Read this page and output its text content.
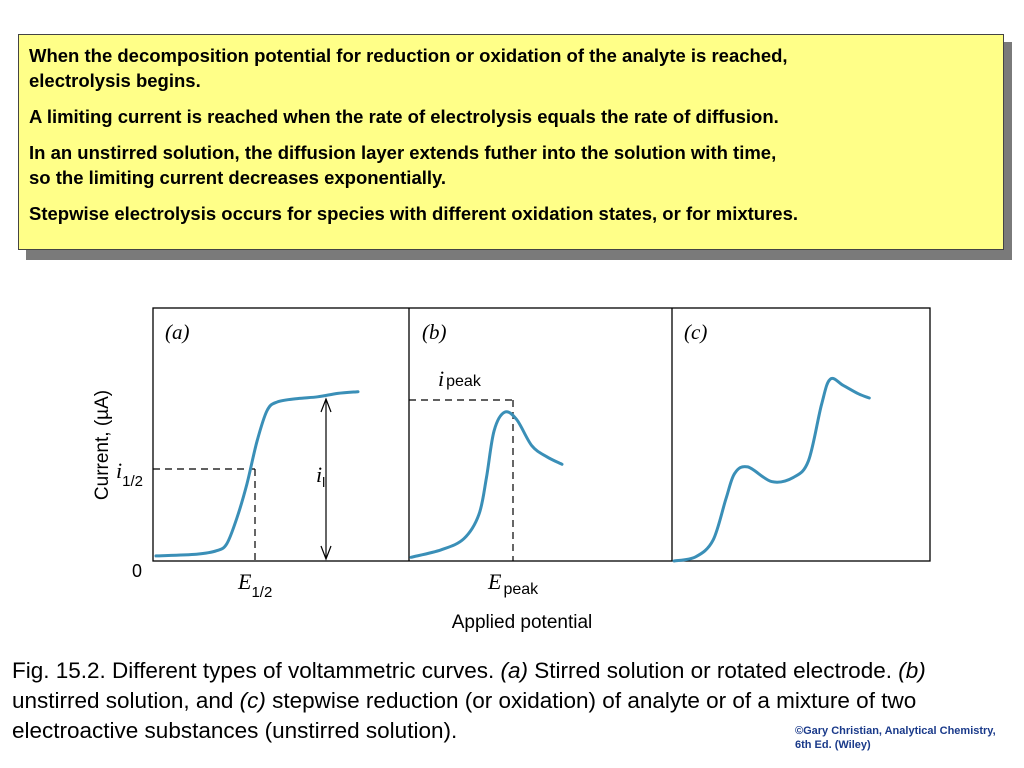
When the decomposition potential for reduction or oxidation of the analyte is reached,
electrolysis begins.

A limiting current is reached when the rate of electrolysis equals the rate of diffusion.

In an unstirred solution, the diffusion layer extends futher into the solution with time,
so the limiting current decreases exponentially.

Stepwise electrolysis occurs for species with different oxidation states, or for mixtures.

(a)	(b)	(c)
Current, (µA)
Applied potential
0
$i_l$
$i_{1/2}$
$E_{1/2}$
i peak
E $_{peak}$
Fig. 15.2. Different types of voltammetric curves. (a) Stirred solution or rotated electrode. (b) unstirred solution, and (c) stepwise reduction (or oxidation) of analyte or of a mixture of two electroactive substances (unstirred solution).	©Gary Christian, Analytical Chemistry,
6th Ed. (Wiley)
